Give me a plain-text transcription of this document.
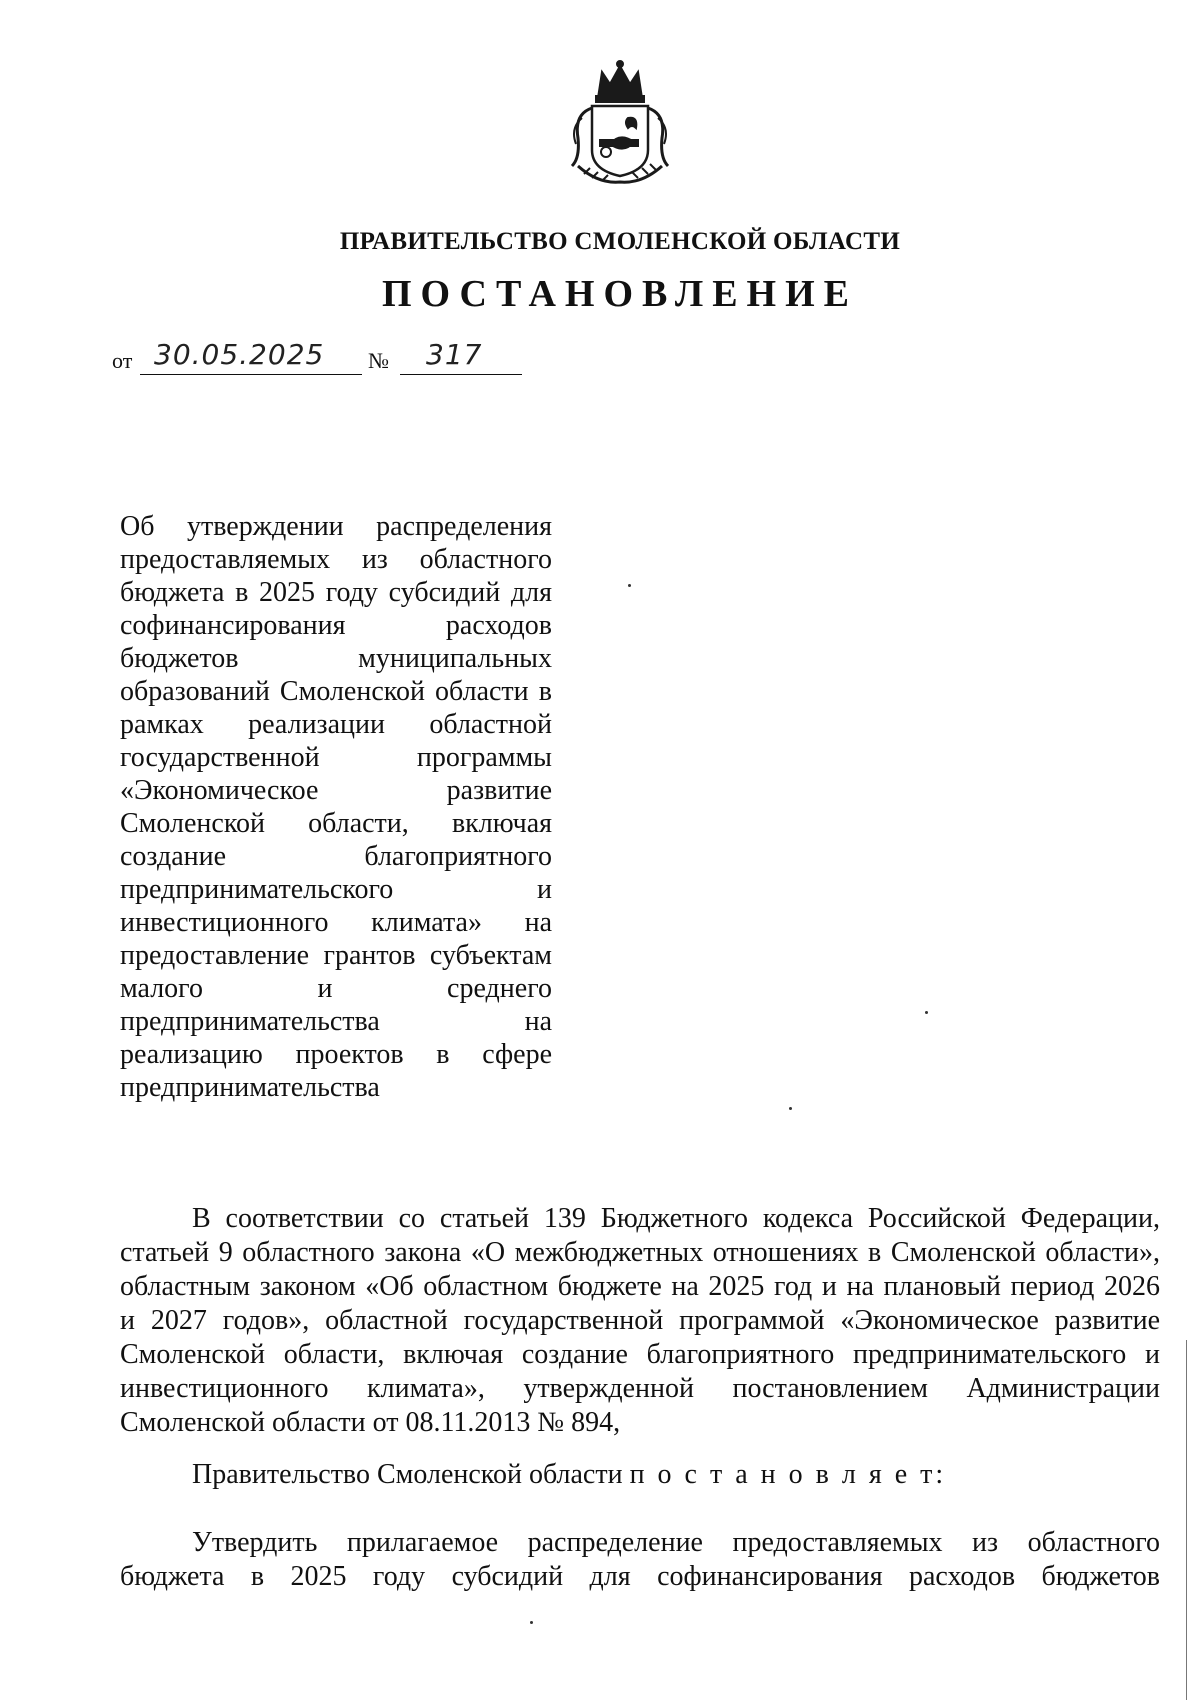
ПРАВИТЕЛЬСТВО СМОЛЕНСКОЙ ОБЛАСТИ
ПОСТАНОВЛЕНИЕ
от 30.05.2025 № 317
Об утверждении распределения
предоставляемых из областного
бюджета в 2025 году субсидий для
софинансирования расходов
бюджетов муниципальных
образований Смоленской области в
рамках реализации областной
государственной программы
«Экономическое развитие
Смоленской области, включая
создание благоприятного
предпринимательского и
инвестиционного климата» на
предоставление грантов субъектам
малого и среднего
предпринимательства на
реализацию проектов в сфере
предпринимательства
В соответствии со статьей 139 Бюджетного кодекса Российской Федерации,
статьей 9 областного закона «О межбюджетных отношениях в Смоленской области»,
областным законом «Об областном бюджете на 2025 год и на плановый период 2026
и 2027 годов», областной государственной программой «Экономическое развитие
Смоленской области, включая создание благоприятного предпринимательского и
инвестиционного климата», утвержденной постановлением Администрации
Смоленской области от 08.11.2013 № 894,
Правительство Смоленской области п о с т а н о в л я е т:
Утвердить прилагаемое распределение предоставляемых из областного
бюджета в 2025 году субсидий для софинансирования расходов бюджетов
